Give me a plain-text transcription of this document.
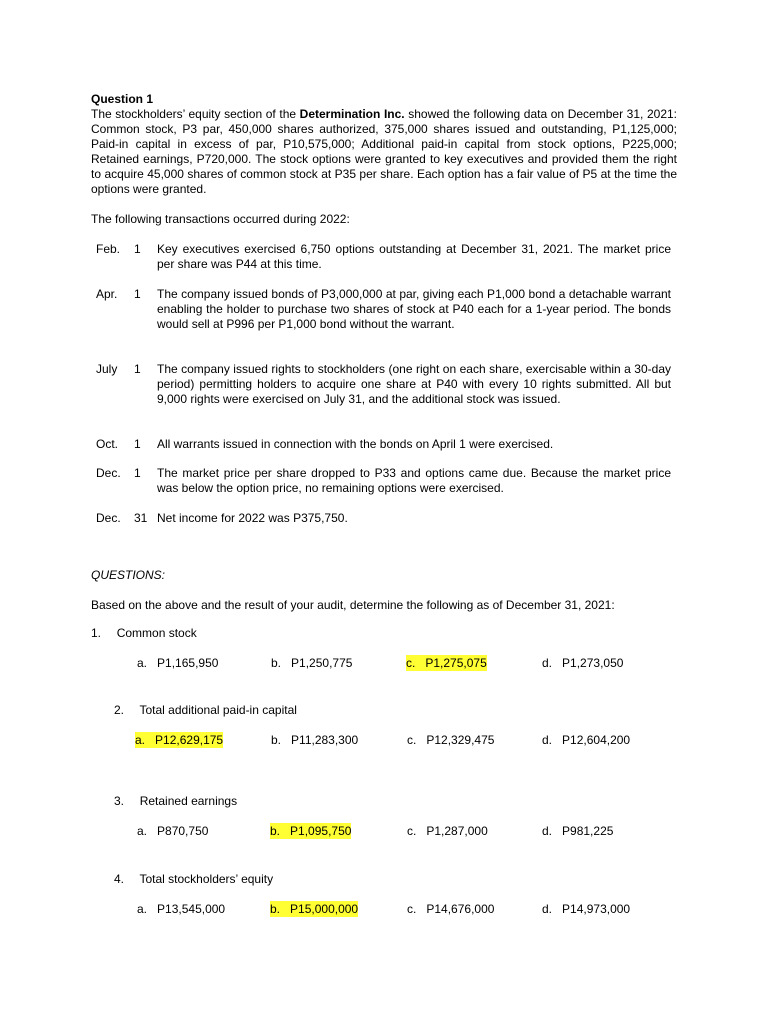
Question 1

The stockholders’ equity section of the Determination Inc. showed the following data on December 31, 2021: Common stock, P3 par, 450,000 shares authorized, 375,000 shares issued and outstanding, P1,125,000; Paid-in capital in excess of par, P10,575,000; Additional paid-in capital from stock options, P225,000; Retained earnings, P720,000. The stock options were granted to key executives and provided them the right to acquire 45,000 shares of common stock at P35 per share. Each option has a fair value of P5 at the time the options were granted.

The following transactions occurred during 2022:
Feb. 1 Key executives exercised 6,750 options outstanding at December 31, 2021. The market price per share was P44 at this time.
Apr. 1 The company issued bonds of P3,000,000 at par, giving each P1,000 bond a detachable warrant enabling the holder to purchase two shares of stock at P40 each for a 1-year period. The bonds would sell at P996 per P1,000 bond without the warrant.
July 1 The company issued rights to stockholders (one right on each share, exercisable within a 30-day period) permitting holders to acquire one share at P40 with every 10 rights submitted. All but 9,000 rights were exercised on July 31, and the additional stock was issued.
Oct. 1 All warrants issued in connection with the bonds on April 1 were exercised.
Dec. 1 The market price per share dropped to P33 and options came due. Because the market price was below the option price, no remaining options were exercised.
Dec. 31 Net income for 2022 was P375,750.
QUESTIONS:
Based on the above and the result of your audit, determine the following as of December 31, 2021:
1. Common stock
a. P1,165,950	b. P1,250,775	c. P1,275,075	d. P1,273,050
2. Total additional paid-in capital
a. P12,629,175	b. P11,283,300	c. P12,329,475	d. P12,604,200
3. Retained earnings
a. P870,750	b. P1,095,750	c. P1,287,000	d. P981,225
4. Total stockholders’ equity
a. P13,545,000	b. P15,000,000	c. P14,676,000	d. P14,973,000
